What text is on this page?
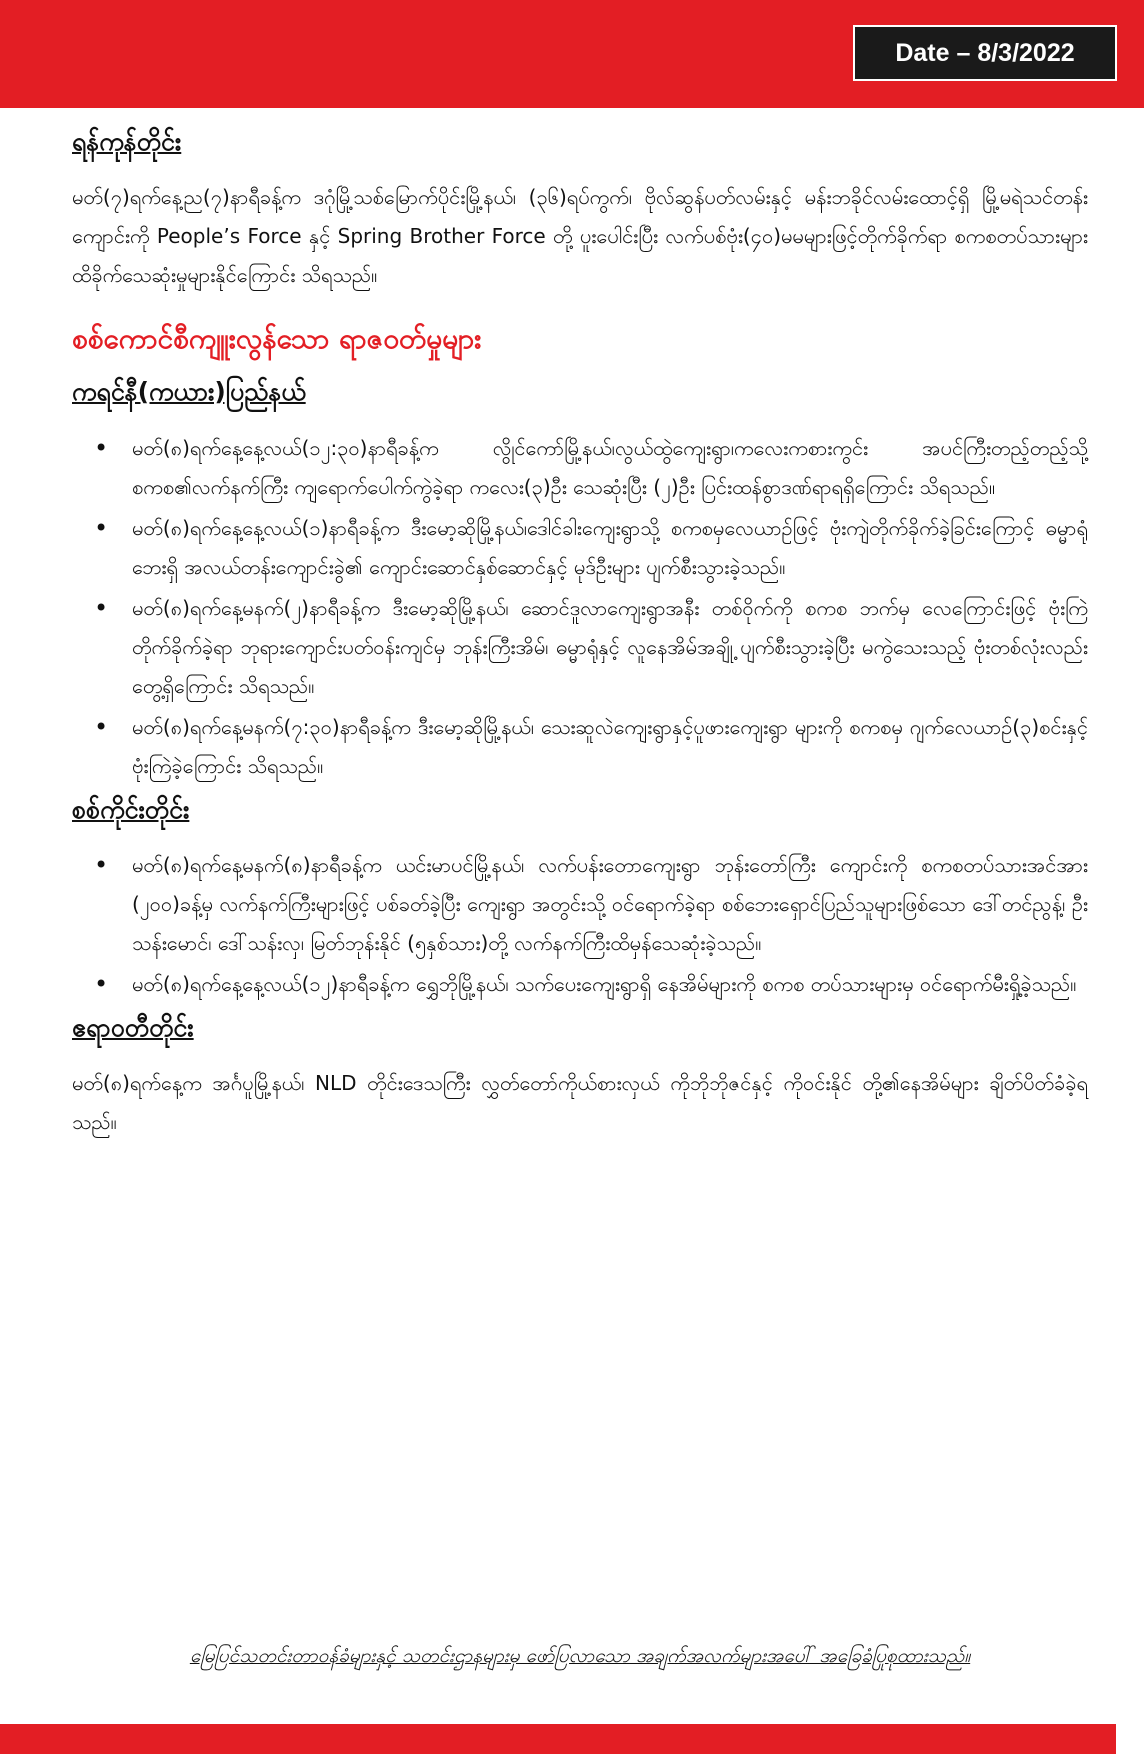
Date – 8/3/2022
ရန်ကုန်တိုင်း

မတ်(၇)ရက်နေ့ည(၇)နာရီခန့်က ဒဂုံမြို့သစ်မြောက်ပိုင်းမြို့နယ်၊ (၃၆)ရပ်ကွက်၊ ဗိုလ်ဆွန်ပတ်လမ်းနှင့် မန်းဘခိုင်လမ်းထောင့်ရှိ မြို့မရဲသင်တန်းကျောင်းကို People’s Force နှင့် Spring Brother Force တို့ ပူးပေါင်းပြီး လက်ပစ်ဗုံး(၄၀)မမများဖြင့်တိုက်ခိုက်ရာ စကစတပ်သားများ ထိခိုက်သေဆုံးမှုများနိုင်ကြောင်း သိရသည်။

စစ်ကောင်စီကျူးလွန်သော ရာဇဝတ်မှုများ
ကရင်နီ(ကယား)ပြည်နယ်
• မတ်(၈)ရက်နေ့နေ့လယ်(၁၂:၃၀)နာရီခန့်က လွိုင်ကော်မြို့နယ်၊လွယ်ထွဲကျေးရွာ၊ကလေးကစားကွင်း အပင်ကြီးတည့်တည့်သို့ စကစ၏လက်နက်ကြီး ကျရောက်ပေါက်ကွဲခဲ့ရာ ကလေး(၃)ဦး သေဆုံးပြီး (၂)ဦး ပြင်းထန်စွာဒဏ်ရာရရှိကြောင်း သိရသည်။
• မတ်(၈)ရက်နေ့နေ့လယ်(၁)နာရီခန့်က ဒီးမော့ဆိုမြို့နယ်၊ဒေါင်ခါးကျေးရွာသို့ စကစမှလေယာဉ်ဖြင့် ဗုံးကျဲတိုက်ခိုက်ခဲ့ခြင်းကြောင့် ဓမ္မာရုံဘေးရှိ အလယ်တန်းကျောင်းခွဲ၏ ကျောင်းဆောင်နှစ်ဆောင်နှင့် မုဒ်ဦးများ ပျက်စီးသွားခဲ့သည်။
• မတ်(၈)ရက်နေ့မနက်(၂)နာရီခန့်က ဒီးမော့ဆိုမြို့နယ်၊ ဆောင်ဒူလာကျေးရွာအနီး တစ်ဝိုက်ကို စကစ ဘက်မှ လေကြောင်းဖြင့် ဗုံးကြဲတိုက်ခိုက်ခဲ့ရာ ဘုရားကျောင်းပတ်ဝန်းကျင်မှ ဘုန်းကြီးအိမ်၊ ဓမ္မာရုံနှင့် လူနေအိမ်အချို့ ပျက်စီးသွားခဲ့ပြီး မကွဲသေးသည့် ဗုံးတစ်လုံးလည်းတွေ့ရှိကြောင်း သိရသည်။
• မတ်(၈)ရက်နေ့မနက်(၇:၃၀)နာရီခန့်က ဒီးမော့ဆိုမြို့နယ်၊ သေးဆူလဲကျေးရွာနှင့်ပူဖားကျေးရွာ များကို စကစမှ ဂျက်လေယာဉ်(၃)စင်းနှင့်ဗုံးကြဲခဲ့ကြောင်း သိရသည်။
စစ်ကိုင်းတိုင်း
• မတ်(၈)ရက်နေ့မနက်(၈)နာရီခန့်က ယင်းမာပင်မြို့နယ်၊ လက်ပန်းတောကျေးရွာ ဘုန်းတော်ကြီး ကျောင်းကို စကစတပ်သားအင်အား (၂၀၀)ခန့်မှ လက်နက်ကြီးများဖြင့် ပစ်ခတ်ခဲ့ပြီး ကျေးရွာ အတွင်းသို့ ဝင်ရောက်ခဲ့ရာ စစ်ဘေးရှောင်ပြည်သူများဖြစ်သော ဒေါ်တင်ညွန့်၊ ဦးသန်းမောင်၊ ဒေါ်သန်းလှ၊ မြတ်ဘုန်းနိုင် (၅နှစ်သား)တို့ လက်နက်ကြီးထိမှန်သေဆုံးခဲ့သည်။
• မတ်(၈)ရက်နေ့နေ့လယ်(၁၂)နာရီခန့်က ရွှေဘိုမြို့နယ်၊ သက်ပေးကျေးရွာရှိ နေအိမ်များကို စကစ တပ်သားများမှ ဝင်ရောက်မီးရှို့ခဲ့သည်။
ဧရာဝတီတိုင်း

မတ်(၈)ရက်နေ့က အင်္ဂပူမြို့နယ်၊ NLD တိုင်းဒေသကြီး လွှတ်တော်ကိုယ်စားလှယ် ကိုဘိုဘိုဇင်နှင့် ကိုဝင်းနိုင် တို့၏နေအိမ်များ ချိတ်ပိတ်ခံခဲ့ရသည်။

မြေပြင်သတင်းတာဝန်ခံများနှင့် သတင်းဌာနများမှ ဖော်ပြလာသော အချက်အလက်များအပေါ် အခြေခံပြုစုထားသည်။
